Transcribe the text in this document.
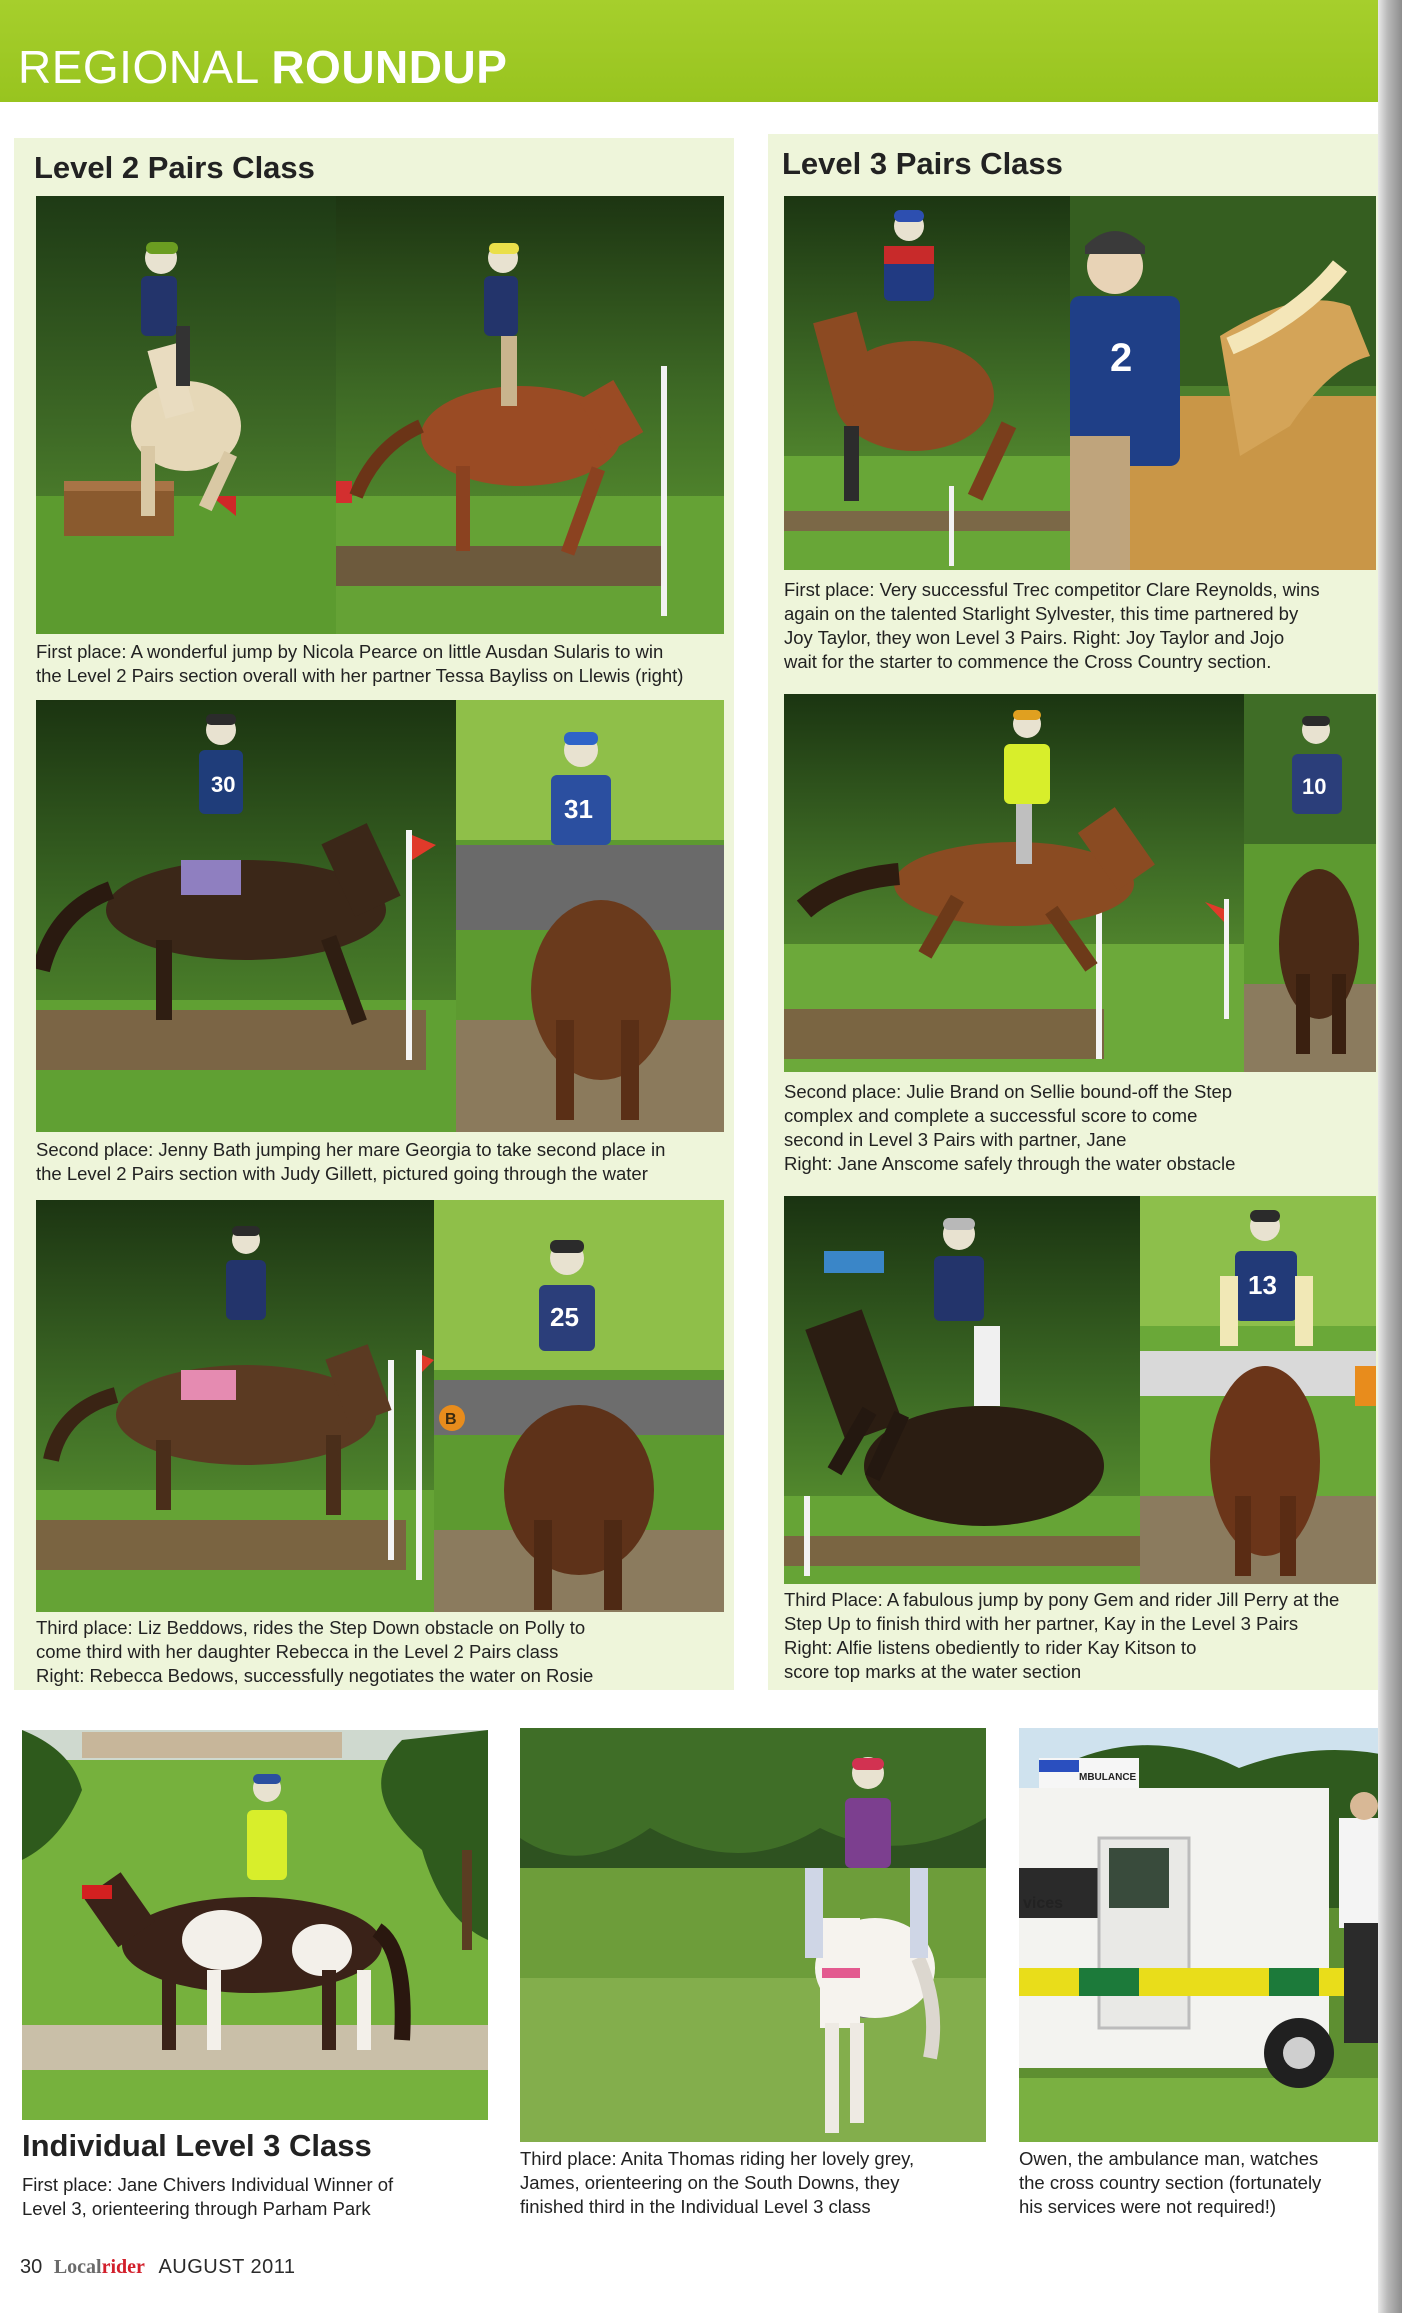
REGIONAL ROUNDUP
Level 2 Pairs Class
First place: A wonderful jump by Nicola Pearce on little Ausdan Sularis to win
the Level 2 Pairs section overall with her partner Tessa Bayliss on Llewis (right)
30
31
Second place: Jenny Bath jumping her mare Georgia to take second place in
the Level 2 Pairs section with Judy Gillett, pictured going through the water
B
25
Third place: Liz Beddows, rides the Step Down obstacle on Polly to
come third with her daughter Rebecca in the Level 2 Pairs class
Right: Rebecca Bedows, successfully negotiates the water on Rosie
Level 3 Pairs Class
2
First place: Very successful Trec competitor Clare Reynolds, wins
again on the talented Starlight Sylvester, this time partnered by
Joy Taylor, they won Level 3 Pairs. Right: Joy Taylor and Jojo
wait for the starter to commence the Cross Country section.
10
Second place: Julie Brand on Sellie bound-off the Step
complex and complete a successful score to come
second in Level 3 Pairs with partner, Jane
Right: Jane Anscome safely through the water obstacle
13
Third Place: A fabulous jump by pony Gem and rider Jill Perry at the
Step Up to finish third with her partner, Kay in the Level 3 Pairs
Right: Alfie listens obediently to rider Kay Kitson to
score top marks at the water section
Individual Level 3 Class
First place: Jane Chivers Individual Winner of
Level 3, orienteering through Parham Park
Third place: Anita Thomas riding her lovely grey,
James, orienteering on the South Downs, they
finished third in the Individual Level 3 class
MBULANCE
vices
Owen, the ambulance man, watches
the cross country section (fortunately
his services were not required!)
30 Localrider AUGUST 2011
